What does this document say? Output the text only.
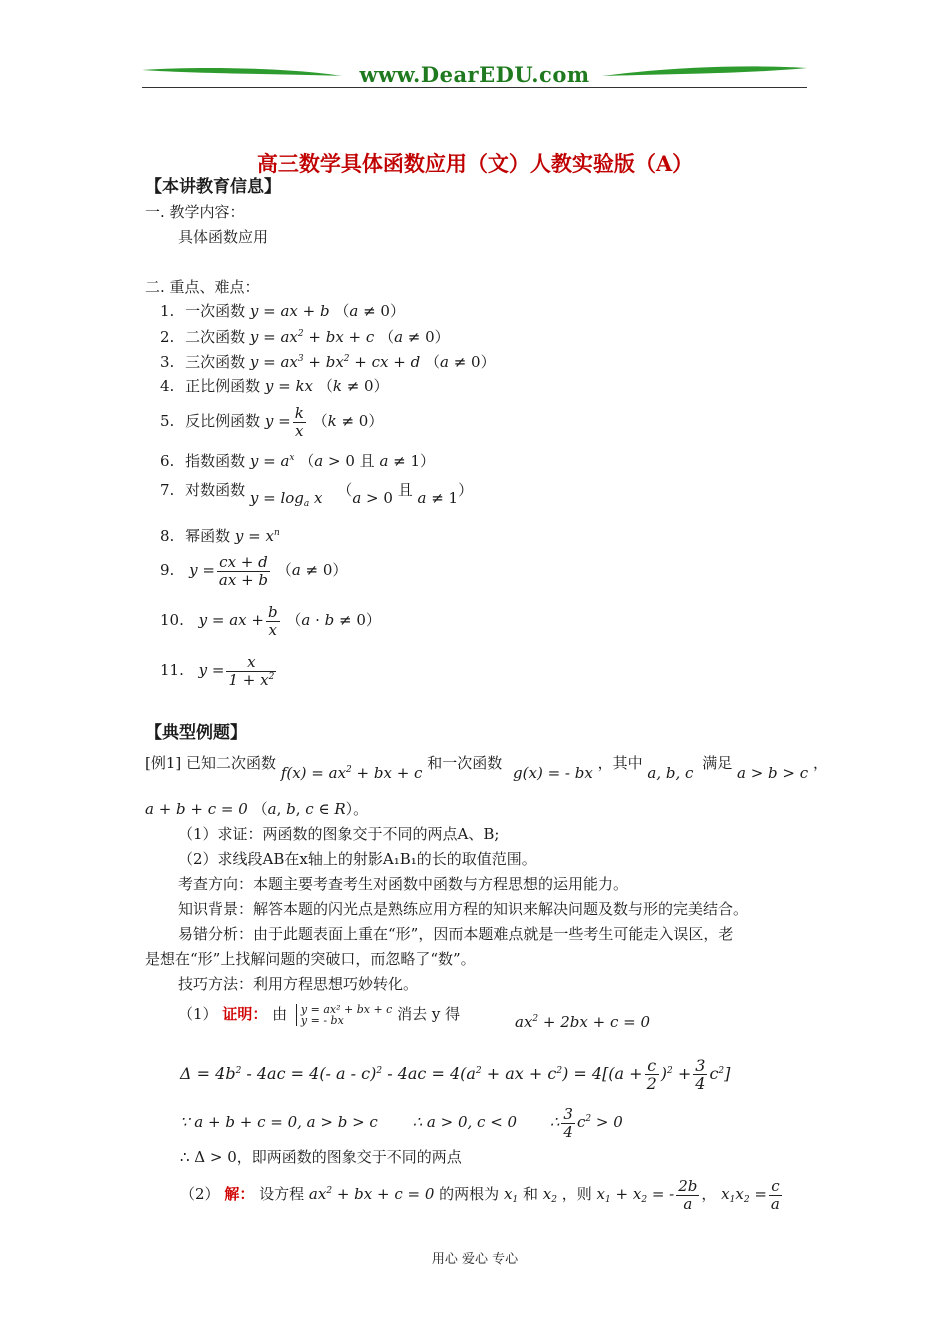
www.DearEDU.com
高三数学具体函数应用（文）人教实验版（A）
【本讲教育信息】
一. 教学内容：
具体函数应用
二. 重点、难点：
1. 一次函数 y = ax + b （a ≠ 0）
2. 二次函数 $y = ax^2$ + bx + c （a ≠ 0）
3. 三次函数 $y = ax^3 + bx^2$ + cx + d （a ≠ 0）
4. 正比例函数 y = kx （k ≠ 0）
5. 反比例函数 $y = \frac{k}{x} (k \ne 0)$
6. 指数函数 $y = a^x$ （a > 0 且 a ≠ 1）
7. 对数函数 $y = \log_a x$ （a > 0 且 a ≠ 1）
8. 幂函数 $y = x^n$
9. $y = \frac{cx + d}{ax + b} (a \ne 0)$
10. y = ax + $\frac{b}{x} (a \cdot b \ne 0)$
11. $y = \frac{x}{1 + x^2}$
【典型例题】
[例1] 已知二次函数 $f(x) = ax^2$ + bx + c 和一次函数 g(x) = - bx ，其中 a, b, c 满足 a > b > c ，
a + b + c = 0 （a, b, c ∈ R）。
（1）求证：两函数的图象交于不同的两点A、B;
（2）求线段AB在x轴上的射影A₁B₁的长的取值范围。
考查方向：本题主要考查考生对函数中函数与方程思想的运用能力。
知识背景：解答本题的闪光点是熟练应用方程的知识来解决问题及数与形的完美结合。
易错分析：由于此题表面上重在“形”，因而本题难点就是一些考生可能走入误区，老
是想在“形”上找解问题的突破口，而忽略了“数”。
技巧方法：利用方程思想巧妙转化。
（1） 证明： 由 y = ax² + bx + c
y = - bx	消去 y 得	$ax^2 + 2bx + c = 0$
$\Delta = 4b^2 - 4ac = 4(-$ $a - c)^2 - 4ac = 4(a^2$ + ax + $c^2) = 4[(a + \frac{c}{2} )^2 + \frac{3}{4} c^2]$
∵ a + b + c = 0, a > b > c ∴ a > 0, c < 0 ∴ $\frac{3}{4} c^2 > 0$
∴ Δ > 0，即两函数的图象交于不同的两点
（2） 解： 设方程 $ax^2$ + bx + c = 0 的两根为 $x_1$ 和 $x_2$ ，则 $x_1 + x_2$ = - $\frac{2b}{a}$ ， $x_1x_2 = \frac{c}{a}$
用心 爱心 专心
